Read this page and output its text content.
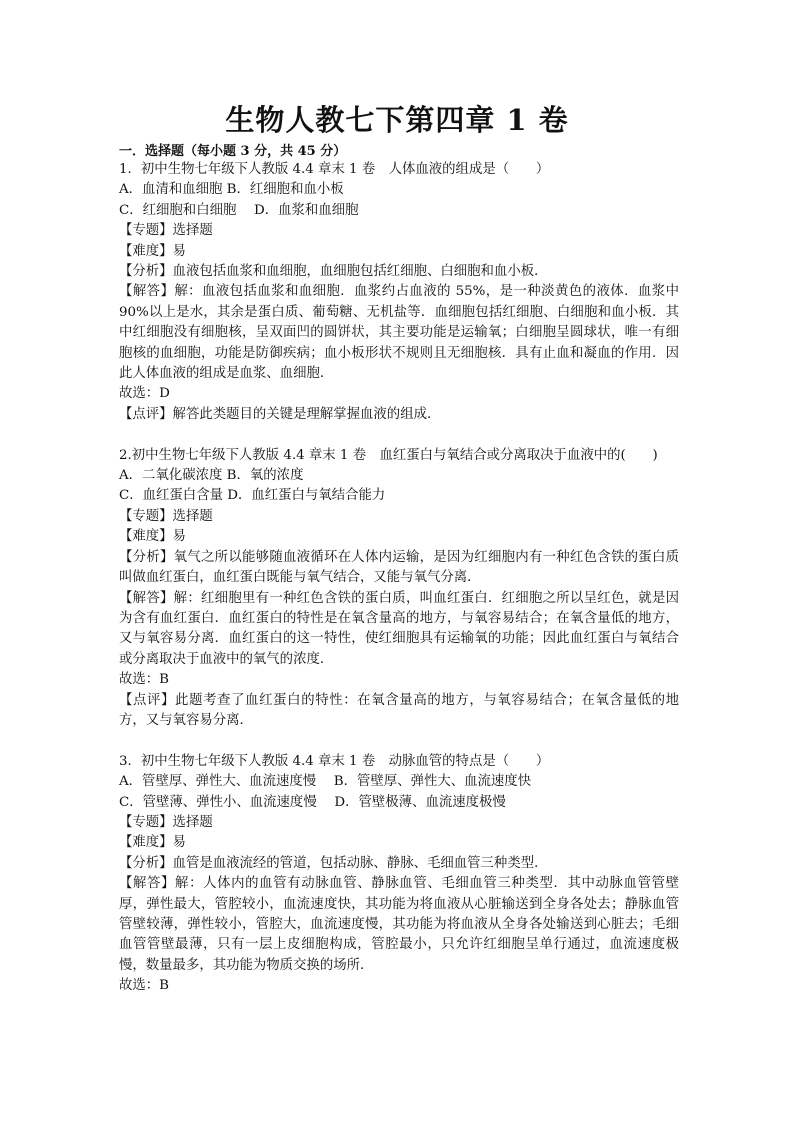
生物人教七下第四章 1 卷
一．选择题（每小题 3 分，共 45 分）

1．初中生物七年级下人教版 4.4 章末 1 卷　人体血液的组成是（　　）

A．血清和血细胞 B．红细胞和血小板

C．红细胞和白细胞　 D．血浆和血细胞

【专题】选择题

【难度】易

【分析】血液包括血浆和血细胞，血细胞包括红细胞、白细胞和血小板．

【解答】解：血液包括血浆和血细胞．血浆约占血液的 55%，是一种淡黄色的液体．血浆中 90%以上是水，其余是蛋白质、葡萄糖、无机盐等．血细胞包括红细胞、白细胞和血小板．其中红细胞没有细胞核，呈双面凹的圆饼状，其主要功能是运输氧；白细胞呈圆球状，唯一有细胞核的血细胞，功能是防御疾病；血小板形状不规则且无细胞核．具有止血和凝血的作用．因此人体血液的组成是血浆、血细胞．

故选：D

【点评】解答此类题目的关键是理解掌握血液的组成．

2.初中生物七年级下人教版 4.4 章末 1 卷　血红蛋白与氧结合或分离取决于血液中的(　　)

A．二氧化碳浓度 B．氧的浓度

C．血红蛋白含量 D．血红蛋白与氧结合能力

【专题】选择题

【难度】易

【分析】氧气之所以能够随血液循环在人体内运输，是因为红细胞内有一种红色含铁的蛋白质叫做血红蛋白，血红蛋白既能与氧气结合，又能与氧气分离．

【解答】解：红细胞里有一种红色含铁的蛋白质，叫血红蛋白．红细胞之所以呈红色，就是因为含有血红蛋白．血红蛋白的特性是在氧含量高的地方，与氧容易结合；在氧含量低的地方，又与氧容易分离．血红蛋白的这一特性，使红细胞具有运输氧的功能；因此血红蛋白与氧结合或分离取决于血液中的氧气的浓度．

故选：B

【点评】此题考查了血红蛋白的特性：在氧含量高的地方，与氧容易结合；在氧含量低的地方，又与氧容易分离．

3．初中生物七年级下人教版 4.4 章末 1 卷　动脉血管的特点是（　　）

A．管壁厚、弹性大、血流速度慢　 B．管壁厚、弹性大、血流速度快

C．管壁薄、弹性小、血流速度慢　 D．管壁极薄、血流速度极慢

【专题】选择题

【难度】易

【分析】血管是血液流经的管道，包括动脉、静脉、毛细血管三种类型．

【解答】解：人体内的血管有动脉血管、静脉血管、毛细血管三种类型．其中动脉血管管壁厚，弹性最大，管腔较小，血流速度快，其功能为将血液从心脏输送到全身各处去；静脉血管管壁较薄，弹性较小，管腔大，血流速度慢，其功能为将血液从全身各处输送到心脏去；毛细血管管壁最薄，只有一层上皮细胞构成，管腔最小，只允许红细胞呈单行通过，血流速度极慢，数量最多，其功能为物质交换的场所．

故选：B
